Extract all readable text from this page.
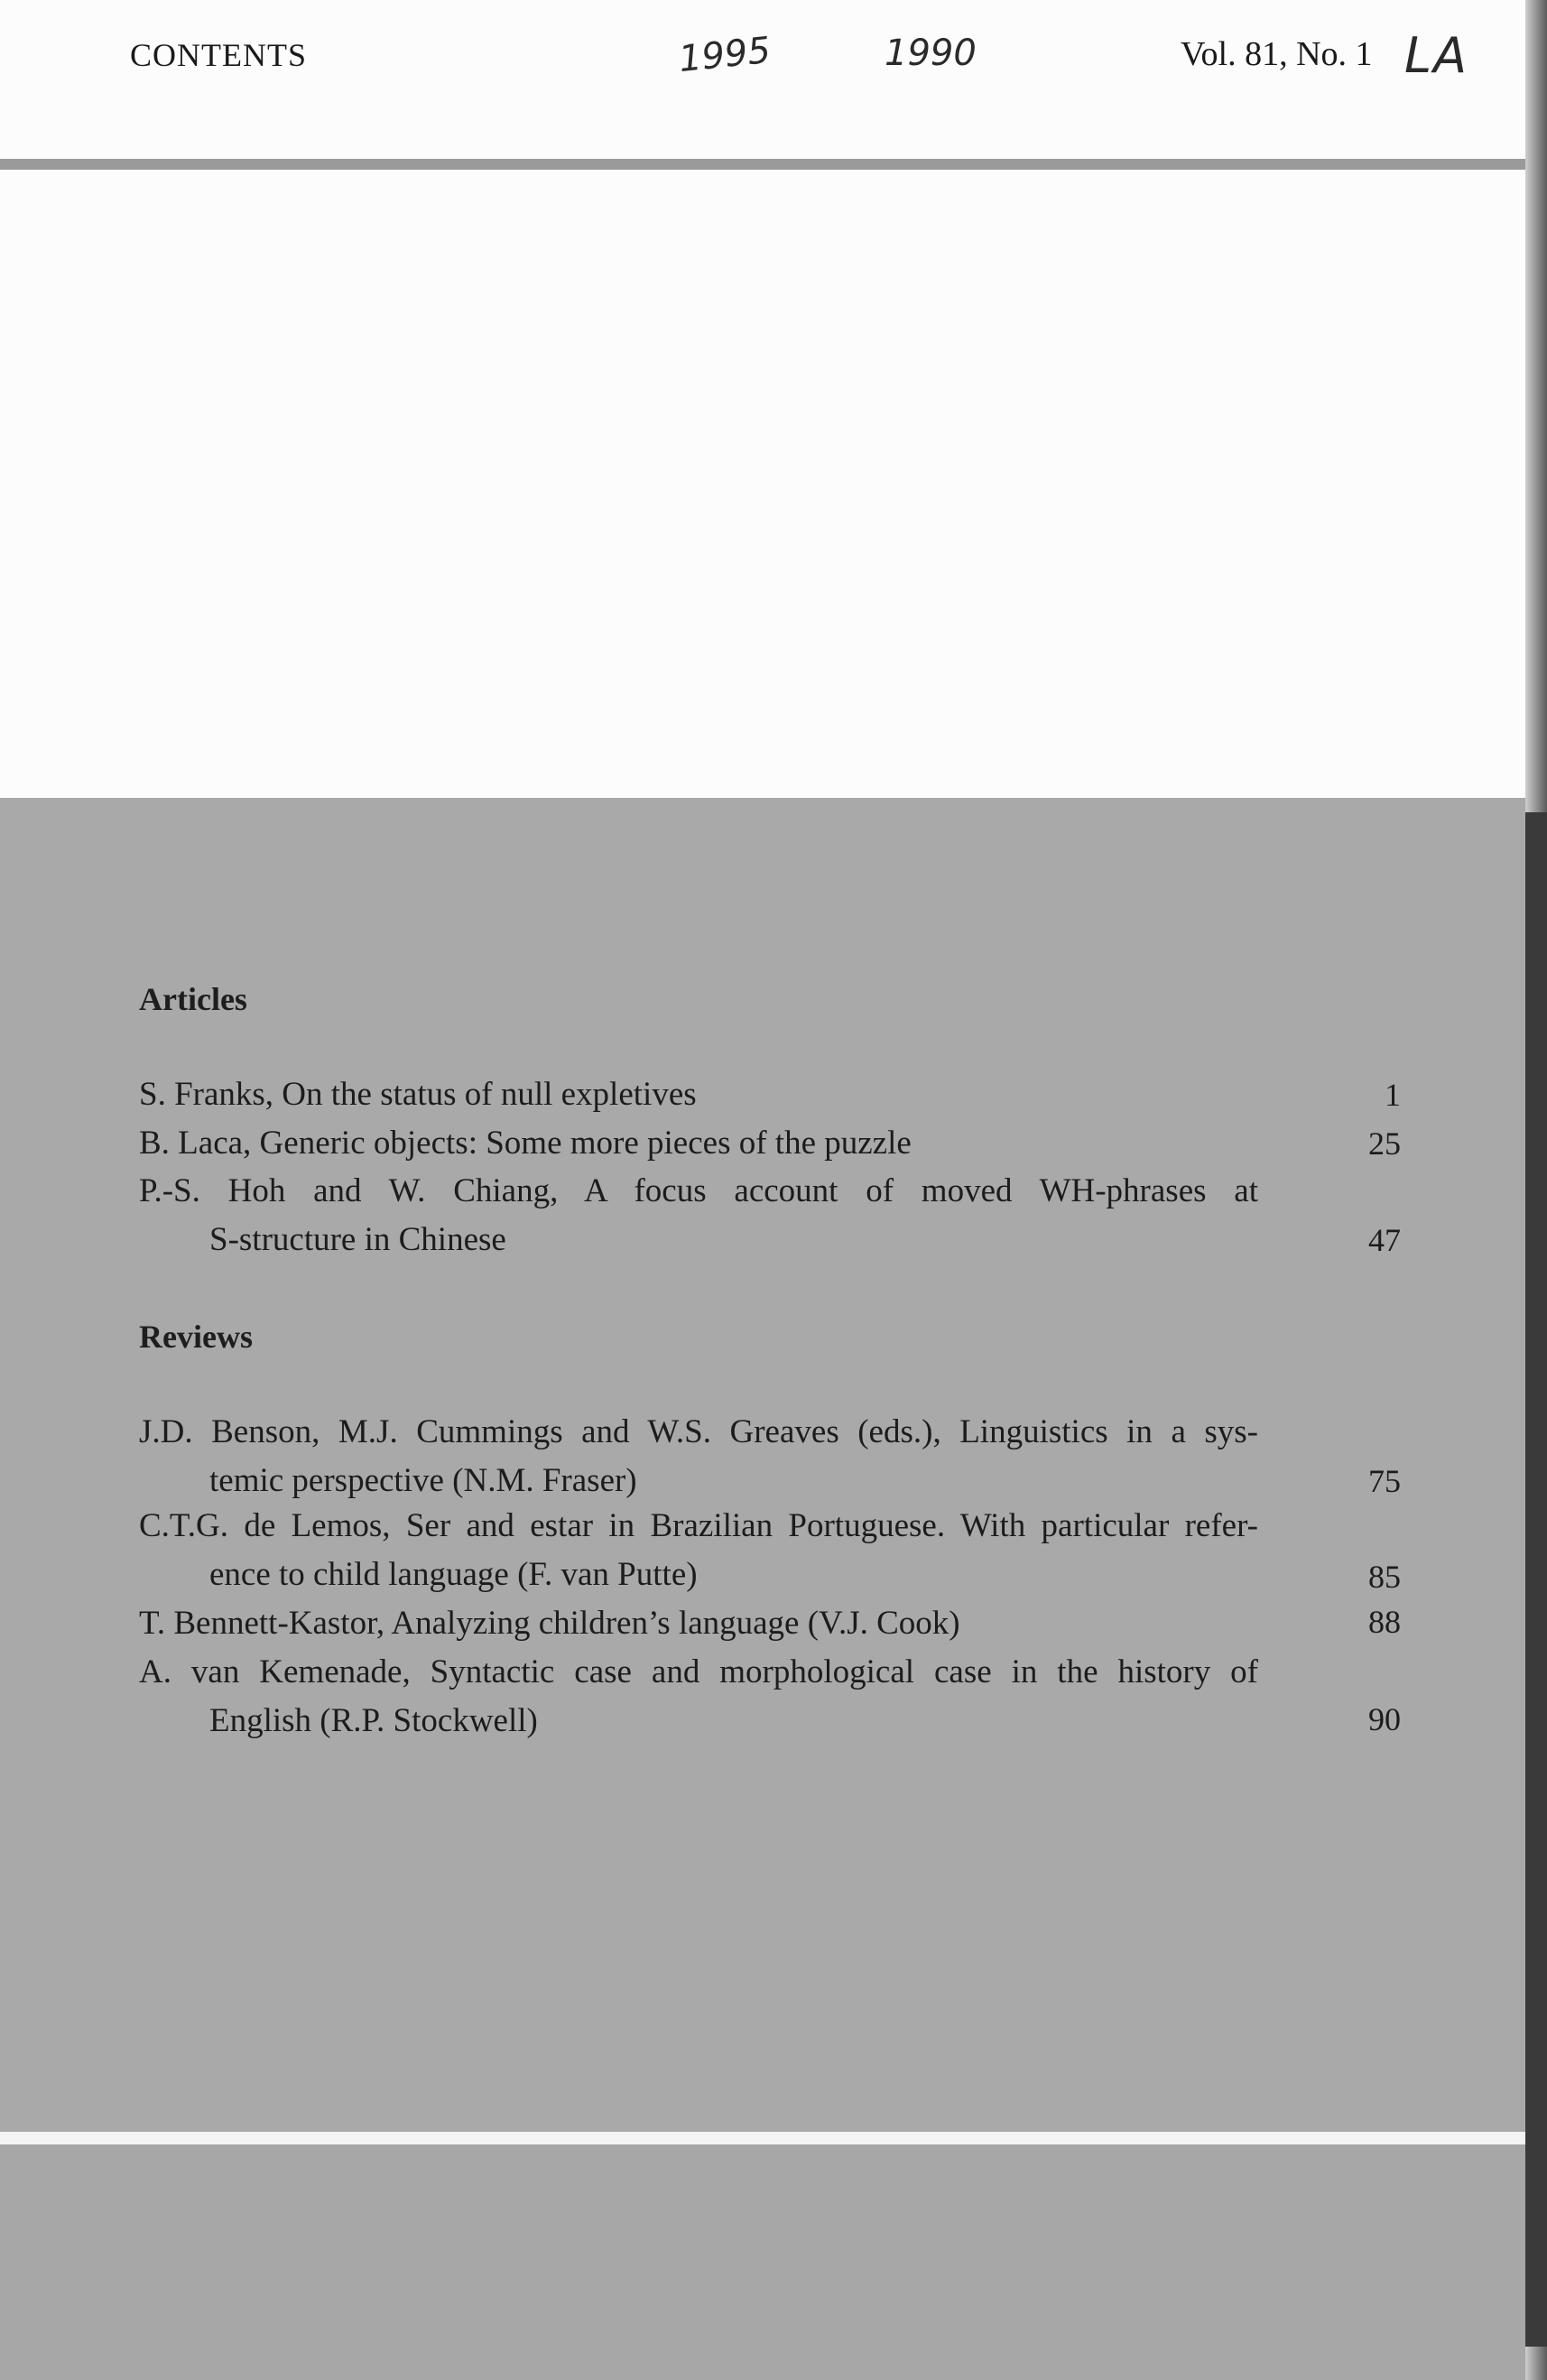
CONTENTS	1995	1990	Vol. 81, No. 1 LA
Articles
S. Franks, On the status of null expletives	1
B. Laca, Generic objects: Some more pieces of the puzzle	25
P.-S. Hoh and W. Chiang, A focus account of moved WH-phrases at
S-structure in Chinese	47
Reviews
J.D. Benson, M.J. Cummings and W.S. Greaves (eds.), Linguistics in a sys-
temic perspective (N.M. Fraser)	75
C.T.G. de Lemos, Ser and estar in Brazilian Portuguese. With particular refer-
ence to child language (F. van Putte)	85
T. Bennett-Kastor, Analyzing children’s language (V.J. Cook)	88
A. van Kemenade, Syntactic case and morphological case in the history of
English (R.P. Stockwell)	90
